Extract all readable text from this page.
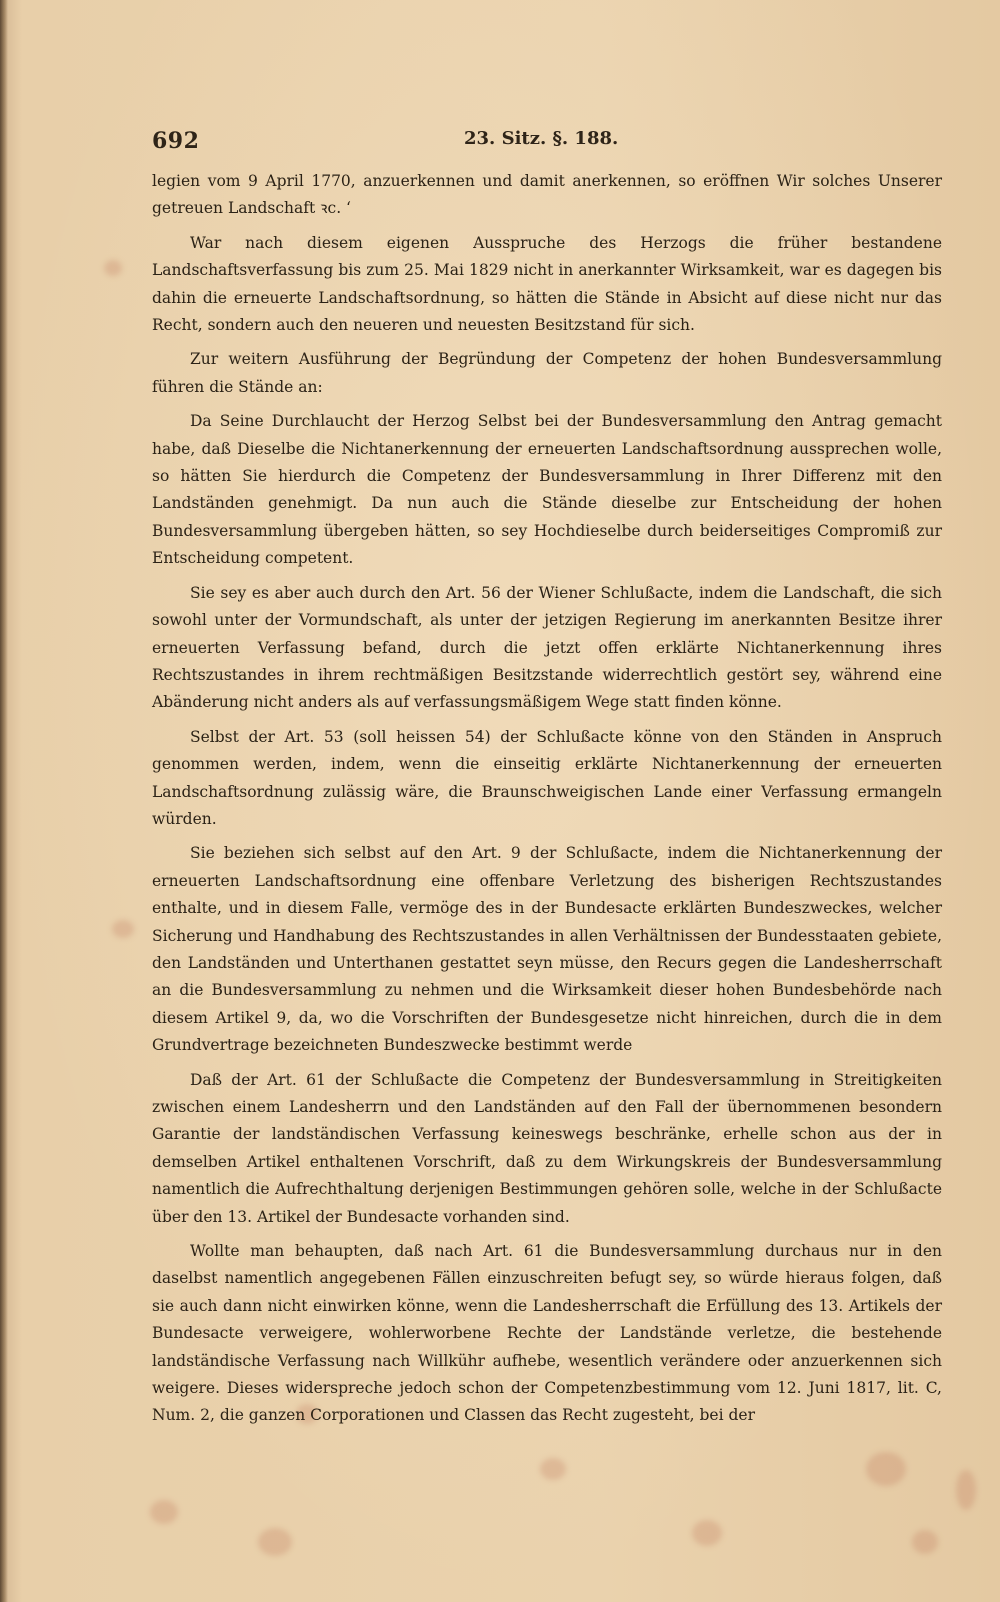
692	23. Sitz. §. 188.

legien vom 9 April 1770, anzuerkennen und damit anerkennen, so eröffnen Wir solches Unserer getreuen Landschaft ꝛc. ‘

War nach diesem eigenen Ausspruche des Herzogs die früher bestandene Landschaftsverfassung bis zum 25. Mai 1829 nicht in anerkannter Wirksamkeit, war es dagegen bis dahin die erneuerte Landschaftsordnung, so hätten die Stände in Absicht auf diese nicht nur das Recht, sondern auch den neueren und neuesten Besitzstand für sich.

Zur weitern Ausführung der Begründung der Competenz der hohen Bundesversammlung führen die Stände an:

Da Seine Durchlaucht der Herzog Selbst bei der Bundesversammlung den Antrag gemacht habe, daß Dieselbe die Nichtanerkennung der erneuerten Landschaftsordnung aussprechen wolle, so hätten Sie hierdurch die Competenz der Bundesversammlung in Ihrer Differenz mit den Landständen genehmigt. Da nun auch die Stände dieselbe zur Entscheidung der hohen Bundesversammlung übergeben hätten, so sey Hochdieselbe durch beiderseitiges Compromiß zur Entscheidung competent.

Sie sey es aber auch durch den Art. 56 der Wiener Schlußacte, indem die Landschaft, die sich sowohl unter der Vormundschaft, als unter der jetzigen Regierung im anerkannten Besitze ihrer erneuerten Verfassung befand, durch die jetzt offen erklärte Nichtanerkennung ihres Rechtszustandes in ihrem rechtmäßigen Besitzstande widerrechtlich gestört sey, während eine Abänderung nicht anders als auf verfassungsmäßigem Wege statt finden könne.

Selbst der Art. 53 (soll heissen 54) der Schlußacte könne von den Ständen in Anspruch genommen werden, indem, wenn die einseitig erklärte Nichtanerkennung der erneuerten Landschaftsordnung zulässig wäre, die Braunschweigischen Lande einer Verfassung ermangeln würden.

Sie beziehen sich selbst auf den Art. 9 der Schlußacte, indem die Nichtanerkennung der erneuerten Landschaftsordnung eine offenbare Verletzung des bisherigen Rechtszustandes enthalte, und in diesem Falle, vermöge des in der Bundesacte erklärten Bundeszweckes, welcher Sicherung und Handhabung des Rechtszustandes in allen Verhältnissen der Bundesstaaten gebiete, den Landständen und Unterthanen gestattet seyn müsse, den Recurs gegen die Landesherrschaft an die Bundesversammlung zu nehmen und die Wirksamkeit dieser hohen Bundesbehörde nach diesem Artikel 9, da, wo die Vorschriften der Bundesgesetze nicht hinreichen, durch die in dem Grundvertrage bezeichneten Bundeszwecke bestimmt werde

Daß der Art. 61 der Schlußacte die Competenz der Bundesversammlung in Streitigkeiten zwischen einem Landesherrn und den Landständen auf den Fall der übernommenen besondern Garantie der landständischen Verfassung keineswegs beschränke, erhelle schon aus der in demselben Artikel enthaltenen Vorschrift, daß zu dem Wirkungskreis der Bundesversammlung namentlich die Aufrechthaltung derjenigen Bestimmungen gehören solle, welche in der Schlußacte über den 13. Artikel der Bundesacte vorhanden sind.

Wollte man behaupten, daß nach Art. 61 die Bundesversammlung durchaus nur in den daselbst namentlich angegebenen Fällen einzuschreiten befugt sey, so würde hieraus folgen, daß sie auch dann nicht einwirken könne, wenn die Landesherrschaft die Erfüllung des 13. Artikels der Bundesacte verweigere, wohlerworbene Rechte der Landstände verletze, die bestehende landständische Verfassung nach Willkühr aufhebe, wesentlich verändere oder anzuerkennen sich weigere. Dieses widerspreche jedoch schon der Competenzbestimmung vom 12. Juni 1817, lit. C, Num. 2, die ganzen Corporationen und Classen das Recht zugesteht, bei der
